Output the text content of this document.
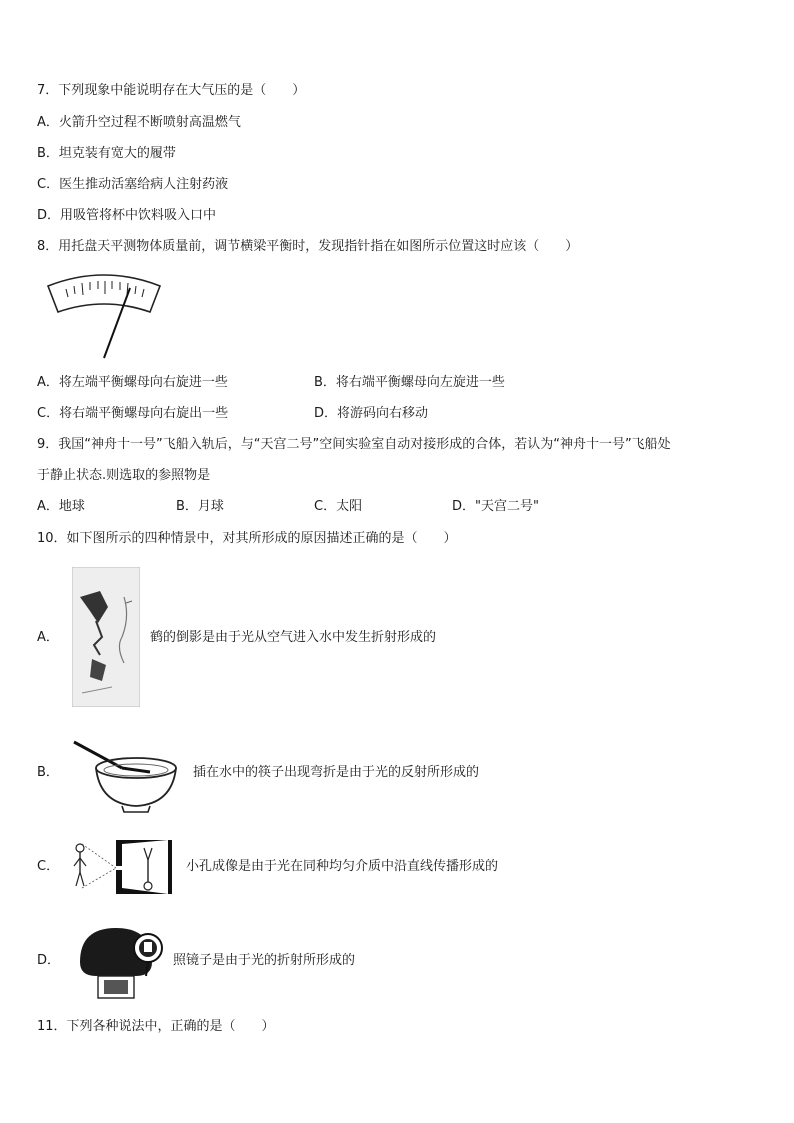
7．下列现象中能说明存在大气压的是（　　）
A．火箭升空过程不断喷射高温燃气
B．坦克装有宽大的履带
C．医生推动活塞给病人注射药液
D．用吸管将杯中饮料吸入口中
8．用托盘天平测物体质量前，调节横梁平衡时，发现指针指在如图所示位置这时应该（　　）
A．将左端平衡螺母向右旋进一些	B．将右端平衡螺母向左旋进一些
C．将右端平衡螺母向右旋出一些	D．将游码向右移动
9．我国“神舟十一号”飞船入轨后，与“天宫二号”空间实验室自动对接形成的合体，若认为“神舟十一号”飞船处
于静止状态.则选取的参照物是
A．地球	B．月球	C．太阳	D．"天宫二号"
10．如下图所示的四种情景中，对其所形成的原因描述正确的是（　　）
A．	鹤的倒影是由于光从空气进入水中发生折射形成的
B．	插在水中的筷子出现弯折是由于光的反射所形成的
C．	小孔成像是由于光在同种均匀介质中沿直线传播形成的
D．	照镜子是由于光的折射所形成的
11．下列各种说法中，正确的是（　　）
